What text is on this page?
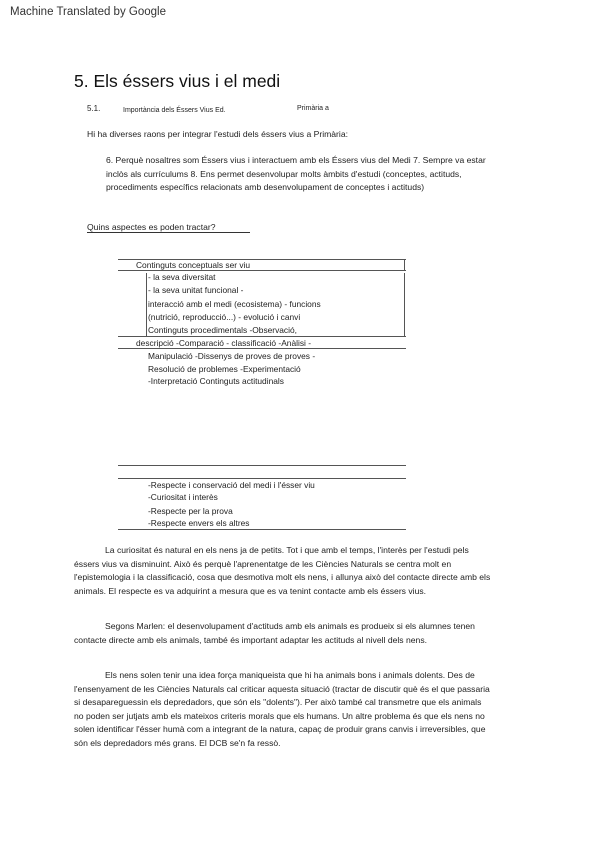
Machine Translated by Google
5. Els éssers vius i el medi
5.1.	Importància dels Éssers Vius Ed.	Primària a
Hi ha diverses raons per integrar l'estudi dels éssers vius a Primària:
6. Perquè nosaltres som Éssers vius i interactuem amb els Éssers vius del Medi 7. Sempre va estar
inclòs als currículums 8. Ens permet desenvolupar molts àmbits d'estudi (conceptes, actituds,
procediments específics relacionats amb desenvolupament de conceptes i actituds)
Quins aspectes es poden tractar?
Continguts conceptuals ser viu
- la seva diversitat
- la seva unitat funcional -
interacció amb el medi (ecosistema) - funcions
(nutrició, reproducció...) - evolució i canvi
Continguts procedimentals -Observació,
descripció -Comparació - classificació -Anàlisi -
Manipulació -Dissenys de proves de proves -
Resolució de problemes -Experimentació
-Interpretació Continguts actitudinals
-Respecte i conservació del medi i l'ésser viu
-Curiositat i interès
-Respecte per la prova
-Respecte envers els altres
La curiositat és natural en els nens ja de petits. Tot i que amb el temps, l'interès per l'estudi pels
éssers vius va disminuint. Això és perquè l'aprenentatge de les Ciències Naturals se centra molt en
l'epistemologia i la classificació, cosa que desmotiva molt els nens, i allunya això del contacte directe amb els
animals. El respecte es va adquirint a mesura que es va tenint contacte amb els éssers vius.
Segons Marlen: el desenvolupament d'actituds amb els animals es produeix si els alumnes tenen
contacte directe amb els animals, també és important adaptar les actituds al nivell dels nens.
Els nens solen tenir una idea força maniqueista que hi ha animals bons i animals dolents. Des de
l'ensenyament de les Ciències Naturals cal criticar aquesta situació (tractar de discutir què és el que passaria
si desapareguessin els depredadors, que són els "dolents"). Per això també cal transmetre que els animals
no poden ser jutjats amb els mateixos criteris morals que els humans. Un altre problema és que els nens no
solen identificar l'ésser humà com a integrant de la natura, capaç de produir grans canvis i irreversibles, que
són els depredadors més grans. El DCB se'n fa ressò.
